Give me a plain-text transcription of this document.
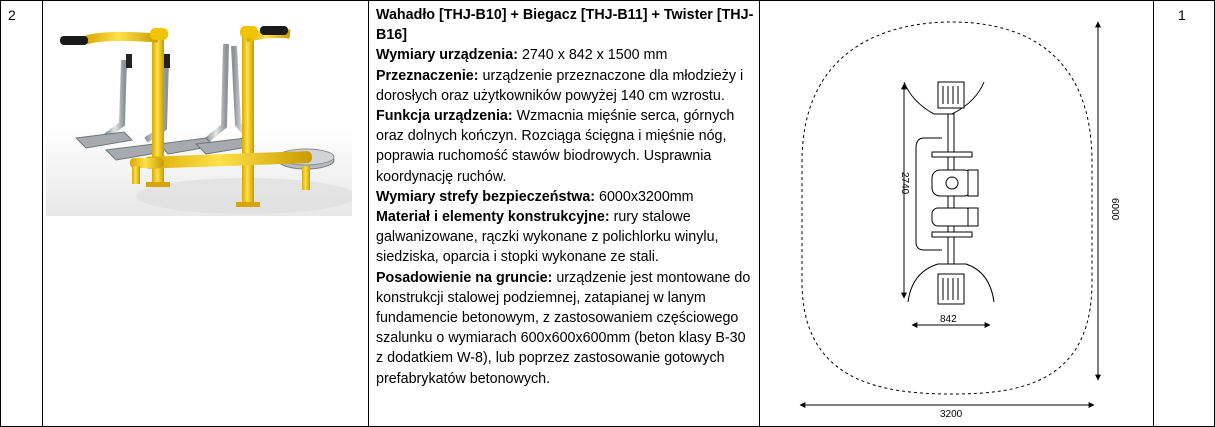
2	1
Wahadło [THJ-B10] + Biegacz [THJ-B11] + Twister [THJ-B16]
Wymiary urządzenia: 2740 x 842 x 1500 mm
Przeznaczenie: urządzenie przeznaczone dla młodzieży i dorosłych oraz użytkowników powyżej 140 cm wzrostu.
Funkcja urządzenia: Wzmacnia mięśnie serca, górnych oraz dolnych kończyn. Rozciąga ścięgna i mięśnie nóg, poprawia ruchomość stawów biodrowych. Usprawnia koordynację ruchów.
Wymiary strefy bezpieczeństwa: 6000x3200mm
Materiał i elementy konstrukcyjne: rury stalowe galwanizowane, rączki wykonane z polichlorku winylu, siedziska, oparcia i stopki wykonane ze stali.
Posadowienie na gruncie: urządzenie jest montowane do konstrukcji stalowej podziemnej, zatapianej w lanym fundamencie betonowym, z zastosowaniem częściowego szalunku o wymiarach 600x600x600mm (beton klasy B-30 z dodatkiem W-8), lub poprzez zastosowanie gotowych prefabrykatów betonowych.
3200
6000
2740
842
